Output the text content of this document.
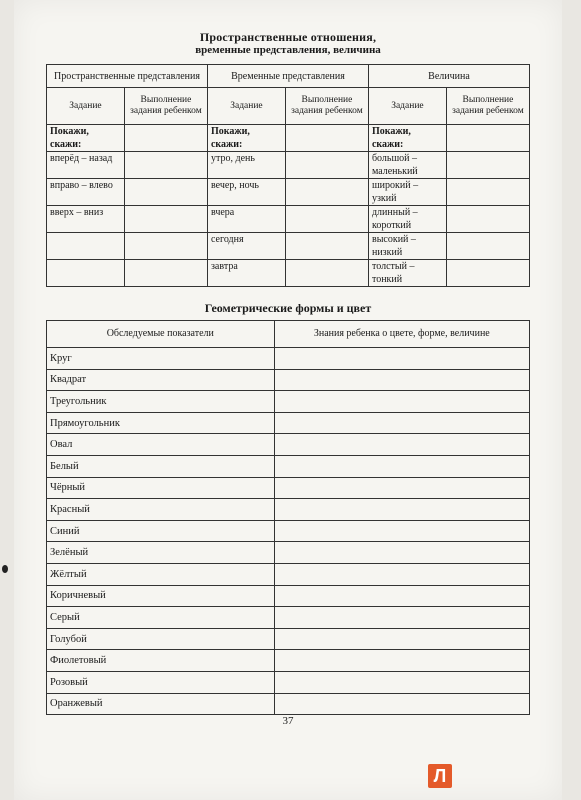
Пространственные отношения,
временные представления, величина
Пространственные представления		Временные представления		Величина	
Задание	Выполнение задания ребенком	Задание	Выполнение задания ребенком	Задание	Выполнение задания ребенком
Покажи, скажи:		Покажи, скажи:		Покажи, скажи:	
вперёд – назад		утро, день		большой – маленький	
вправо – влево		вечер, ночь		широкий – узкий	
вверх – вниз		вчера		длинный – короткий	
		сегодня		высокий – низкий	
		завтра		толстый – тонкий	
Геометрические формы и цвет
Обследуемые показатели	Знания ребенка о цвете, форме, величине
Круг	
Квадрат	
Треугольник	
Прямоугольник	
Овал	
Белый	
Чёрный	
Красный	
Синий	
Зелёный	
Жёлтый	
Коричневый	
Серый	
Голубой	
Фиолетовый	
Розовый	
Оранжевый	
37
Л
